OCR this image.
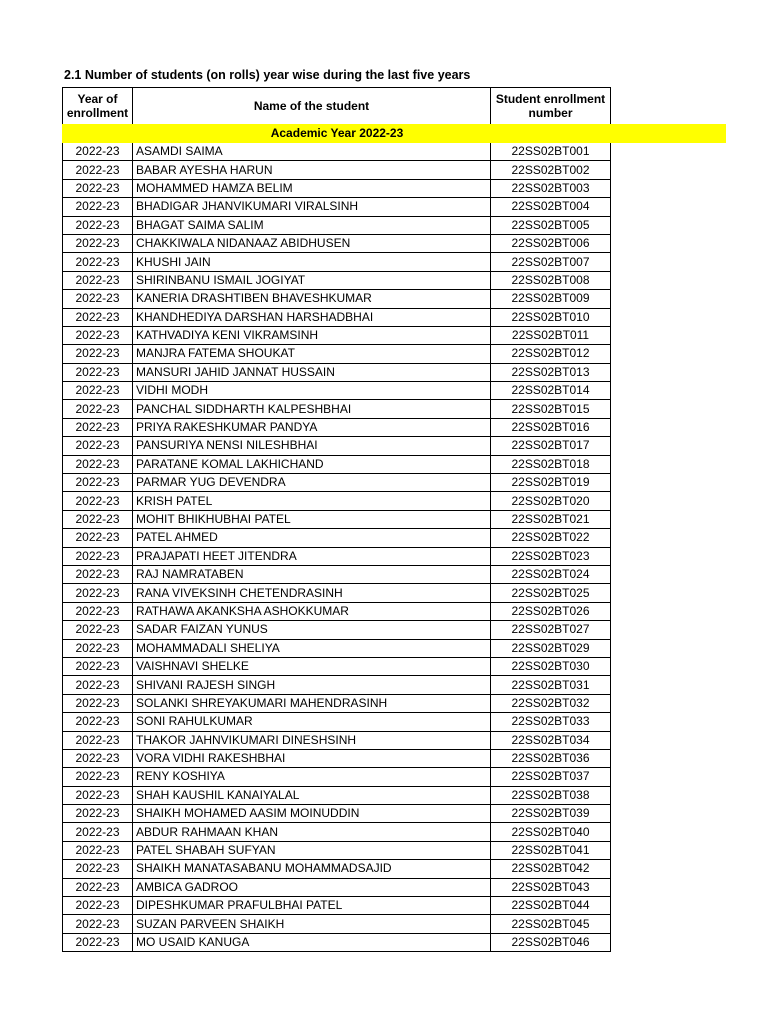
2.1 Number of students (on rolls) year wise during the last five years
Year of enrollment	Name of the student	Student enrollment number

2022-23	ASAMDI SAIMA	22SS02BT001
2022-23	BABAR AYESHA HARUN	22SS02BT002
2022-23	MOHAMMED HAMZA BELIM	22SS02BT003
2022-23	BHADIGAR JHANVIKUMARI VIRALSINH	22SS02BT004
2022-23	BHAGAT SAIMA SALIM	22SS02BT005
2022-23	CHAKKIWALA NIDANAAZ ABIDHUSEN	22SS02BT006
2022-23	KHUSHI JAIN	22SS02BT007
2022-23	SHIRINBANU ISMAIL JOGIYAT	22SS02BT008
2022-23	KANERIA DRASHTIBEN BHAVESHKUMAR	22SS02BT009
2022-23	KHANDHEDIYA DARSHAN HARSHADBHAI	22SS02BT010
2022-23	KATHVADIYA KENI VIKRAMSINH	22SS02BT011
2022-23	MANJRA FATEMA SHOUKAT	22SS02BT012
2022-23	MANSURI JAHID JANNAT HUSSAIN	22SS02BT013
2022-23	VIDHI MODH	22SS02BT014
2022-23	PANCHAL SIDDHARTH KALPESHBHAI	22SS02BT015
2022-23	PRIYA RAKESHKUMAR PANDYA	22SS02BT016
2022-23	PANSURIYA NENSI NILESHBHAI	22SS02BT017
2022-23	PARATANE KOMAL LAKHICHAND	22SS02BT018
2022-23	PARMAR YUG DEVENDRA	22SS02BT019
2022-23	KRISH PATEL	22SS02BT020
2022-23	MOHIT BHIKHUBHAI PATEL	22SS02BT021
2022-23	PATEL AHMED	22SS02BT022
2022-23	PRAJAPATI HEET JITENDRA	22SS02BT023
2022-23	RAJ NAMRATABEN	22SS02BT024
2022-23	RANA VIVEKSINH CHETENDRASINH	22SS02BT025
2022-23	RATHAWA AKANKSHA ASHOKKUMAR	22SS02BT026
2022-23	SADAR FAIZAN YUNUS	22SS02BT027
2022-23	MOHAMMADALI SHELIYA	22SS02BT029
2022-23	VAISHNAVI SHELKE	22SS02BT030
2022-23	SHIVANI RAJESH SINGH	22SS02BT031
2022-23	SOLANKI SHREYAKUMARI MAHENDRASINH	22SS02BT032
2022-23	SONI RAHULKUMAR	22SS02BT033
2022-23	THAKOR JAHNVIKUMARI DINESHSINH	22SS02BT034
2022-23	VORA VIDHI RAKESHBHAI	22SS02BT036
2022-23	RENY KOSHIYA	22SS02BT037
2022-23	SHAH KAUSHIL KANAIYALAL	22SS02BT038
2022-23	SHAIKH MOHAMED AASIM MOINUDDIN	22SS02BT039
2022-23	ABDUR RAHMAAN KHAN	22SS02BT040
2022-23	PATEL SHABAH SUFYAN	22SS02BT041
2022-23	SHAIKH MANATASABANU MOHAMMADSAJID	22SS02BT042
2022-23	AMBICA GADROO	22SS02BT043
2022-23	DIPESHKUMAR PRAFULBHAI PATEL	22SS02BT044
2022-23	SUZAN PARVEEN SHAIKH	22SS02BT045
2022-23	MO USAID KANUGA	22SS02BT046
Academic Year 2022-23
